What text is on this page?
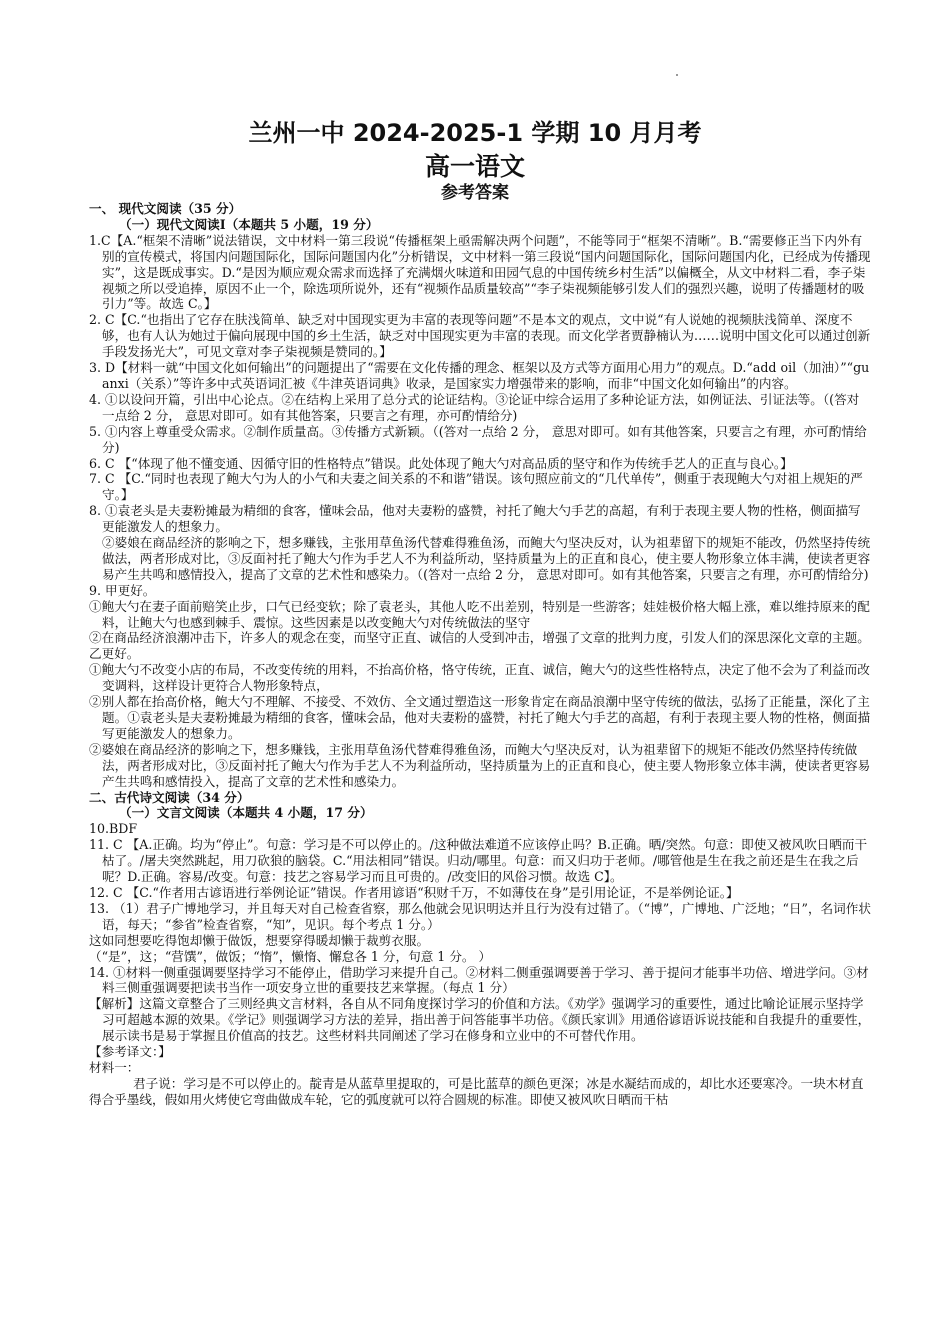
兰州一中 2024-2025-1 学期 10 月月考
高一语文
参考答案

一、 现代文阅读（35 分）

（一）现代文阅读Ⅰ（本题共 5 小题，19 分）

1.C【A.“框架不清晰”说法错误，文中材料一第三段说“传播框架上亟需解决两个问题”，不能等同于“框架不清晰”。B.“需要修正当下内外有别的宣传模式，将国内问题国际化，国际问题国内化”分析错误，文中材料一第三段说“国内问题国际化，国际问题国内化，已经成为传播现实”，这是既成事实。D.“是因为顺应观众需求而选择了充满烟火味道和田园气息的中国传统乡村生活”以偏概全，从文中材料二看，李子柒视频之所以受追捧，原因不止一个，除选项所说外，还有“视频作品质量较高”“李子柒视频能够引发人们的强烈兴趣，说明了传播题材的吸引力”等。故选 C。】

2. C【C.“也指出了它存在肤浅简单、缺乏对中国现实更为丰富的表现等问题”不是本文的观点，文中说“有人说她的视频肤浅简单、深度不够，也有人认为她过于偏向展现中国的乡土生活，缺乏对中国现实更为丰富的表现。而文化学者贾静楠认为……说明中国文化可以通过创新手段发扬光大”，可见文章对李子柒视频是赞同的。】

3. D【材料一就“中国文化如何输出”的问题提出了“需要在文化传播的理念、框架以及方式等方面用心用力”的观点。D.“add oil（加油）”“guanxi（关系）”等许多中式英语词汇被《牛津英语词典》收录，是国家实力增强带来的影响，而非“中国文化如何输出”的内容。

4. ①以设问开篇，引出中心论点。②在结构上采用了总分式的论证结构。③论证中综合运用了多种论证方法，如例证法、引证法等。（(答对一点给 2 分， 意思对即可。如有其他答案，只要言之有理，亦可酌情给分)

5. ①内容上尊重受众需求。②制作质量高。③传播方式新颖。（(答对一点给 2 分， 意思对即可。如有其他答案，只要言之有理，亦可酌情给分)

6. C 【“体现了他不懂变通、因循守旧的性格特点”错误。此处体现了鲍大勺对高品质的坚守和作为传统手艺人的正直与良心。】

7. C 【C.“同时也表现了鲍大勺为人的小气和夫妻之间关系的不和谐”错误。该句照应前文的“几代单传”，侧重于表现鲍大勺对祖上规矩的严守。】

8. ①袁老头是夫妻粉摊最为精细的食客，懂味会品，他对夫妻粉的盛赞，衬托了鲍大勺手艺的高超，有利于表现主要人物的性格，侧面描写更能激发人的想象力。

②婆娘在商品经济的影响之下，想多赚钱，主张用草鱼汤代替难得雅鱼汤，而鲍大勺坚决反对，认为祖辈留下的规矩不能改，仍然坚持传统做法，两者形成对比，③反面衬托了鲍大勺作为手艺人不为利益所动，坚持质量为上的正直和良心，使主要人物形象立体丰满，使读者更容易产生共鸣和感情投入，提高了文章的艺术性和感染力。（(答对一点给 2 分， 意思对即可。如有其他答案，只要言之有理，亦可酌情给分)

9. 甲更好。

①鲍大勺在妻子面前赔笑止步，口气已经变软；除了袁老头，其他人吃不出差别，特别是一些游客；娃娃极价格大幅上涨，难以维持原来的配料，让鲍大勺也感到棘手、震惊。这些因素是以改变鲍大勺对传统做法的坚守

②在商品经济浪潮冲击下，许多人的观念在变，而坚守正直、诚信的人受到冲击，增强了文章的批判力度，引发人们的深思深化文章的主题。

乙更好。

①鲍大勺不改变小店的布局，不改变传统的用料，不抬高价格，恪守传统，正直、诚信，鲍大勺的这些性格特点，决定了他不会为了利益而改变调料，这样设计更符合人物形象特点，

②别人都在抬高价格，鲍大勺不理解、不接受、不效仿、全文通过塑造这一形象肯定在商品浪潮中坚守传统的做法，弘扬了正能量，深化了主题。①袁老头是夫妻粉摊最为精细的食客，懂味会品，他对夫妻粉的盛赞，衬托了鲍大勺手艺的高超，有利于表现主要人物的性格，侧面描写更能激发人的想象力。

②婆娘在商品经济的影响之下，想多赚钱，主张用草鱼汤代替难得雅鱼汤，而鲍大勺坚决反对，认为祖辈留下的规矩不能改仍然坚持传统做法，两者形成对比，③反面衬托了鲍大勺作为手艺人不为利益所动，坚持质量为上的正直和良心，使主要人物形象立体丰满，使读者更容易产生共鸣和感情投入，提高了文章的艺术性和感染力。

二、古代诗文阅读（34 分）

（一）文言文阅读（本题共 4 小题，17 分）

10.BDF

11. C 【A.正确。均为“停止”。句意：学习是不可以停止的。/这种做法难道不应该停止吗？B.正确。晒/突然。句意：即使又被风吹日晒而干枯了。/屠夫突然跳起，用刀砍狼的脑袋。C.“用法相同”错误。归动/哪里。句意：而又归功于老师。/哪管他是生在我之前还是生在我之后呢？D.正确。容易/改变。句意：技艺之容易学习而且可贵的。/改变旧的风俗习惯。故选 C】。

12. C 【C.“作者用古谚语进行举例论证”错误。作者用谚语“积财千万，不如薄伎在身”是引用论证，不是举例论证。】

13. （1）君子广博地学习，并且每天对自己检查省察，那么他就会见识明达并且行为没有过错了。（“博”，广博地、广泛地；“日”，名词作状语，每天；“参省”检查省察，“知”，见识。每个考点 1 分。）

这如同想要吃得饱却懒于做饭，想要穿得暖却懒于裁剪衣服。

（“是”，这；“营馔”，做饭；“惰”，懒惰、懈怠各 1 分，句意 1 分。 ）

14. ①材料一侧重强调要坚持学习不能停止，借助学习来提升自己。②材料二侧重强调要善于学习、善于提问才能事半功倍、增进学问。③材料三侧重强调要把读书当作一项安身立世的重要技艺来掌握。（每点 1 分）

【解析】这篇文章整合了三则经典文言材料，各自从不同角度探讨学习的价值和方法。《劝学》强调学习的重要性，通过比喻论证展示坚持学习可超越本源的效果。《学记》则强调学习方法的差异，指出善于问答能事半功倍。《颜氏家训》用通俗谚语诉说技能和自我提升的重要性，展示读书是易于掌握且价值高的技艺。这些材料共同阐述了学习在修身和立业中的不可替代作用。

【参考译文：】

材料一：

君子说：学习是不可以停止的。靛青是从蓝草里提取的，可是比蓝草的颜色更深；冰是水凝结而成的，却比水还要寒冷。一块木材直得合乎墨线，假如用火烤使它弯曲做成车轮，它的弧度就可以符合圆规的标准。即使又被风吹日晒而干枯
